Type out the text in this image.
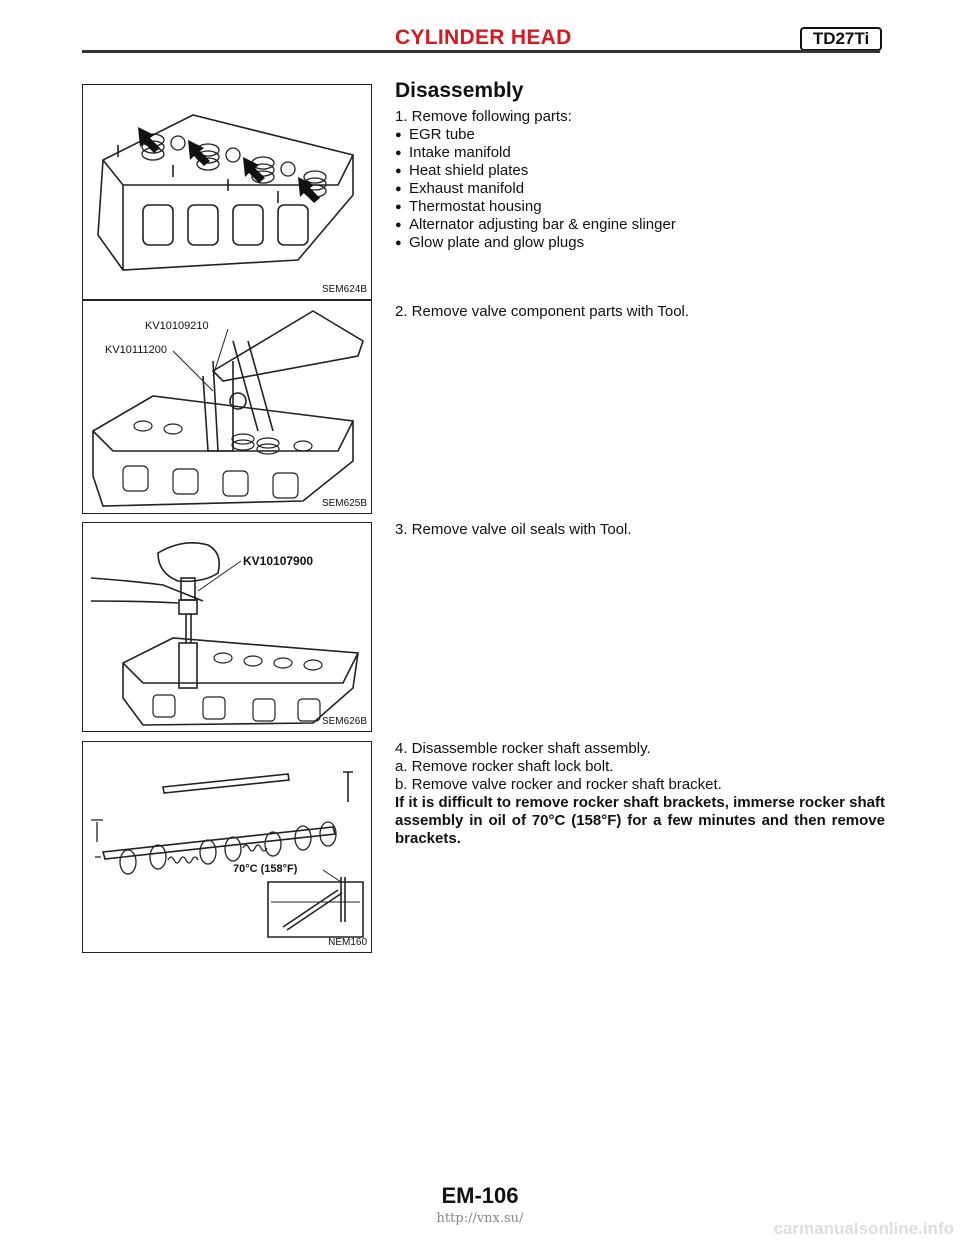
CYLINDER HEAD	TD27Ti
SEM624B
KV10109210
KV10111200
SEM625B
KV10107900
SEM626B
70°C (158°F)
NEM160
Disassembly
1. Remove following parts:
● EGR tube
● Intake manifold
● Heat shield plates
● Exhaust manifold
● Thermostat housing
● Alternator adjusting bar & engine slinger
● Glow plate and glow plugs
2. Remove valve component parts with Tool.
3. Remove valve oil seals with Tool.
4. Disassemble rocker shaft assembly.
a. Remove rocker shaft lock bolt.
b. Remove valve rocker and rocker shaft bracket.
If it is difficult to remove rocker shaft brackets, immerse rocker shaft assembly in oil of 70°C (158°F) for a few minutes and then remove brackets.
EM-106
http://vnx.su/
carmanualsonline.info
